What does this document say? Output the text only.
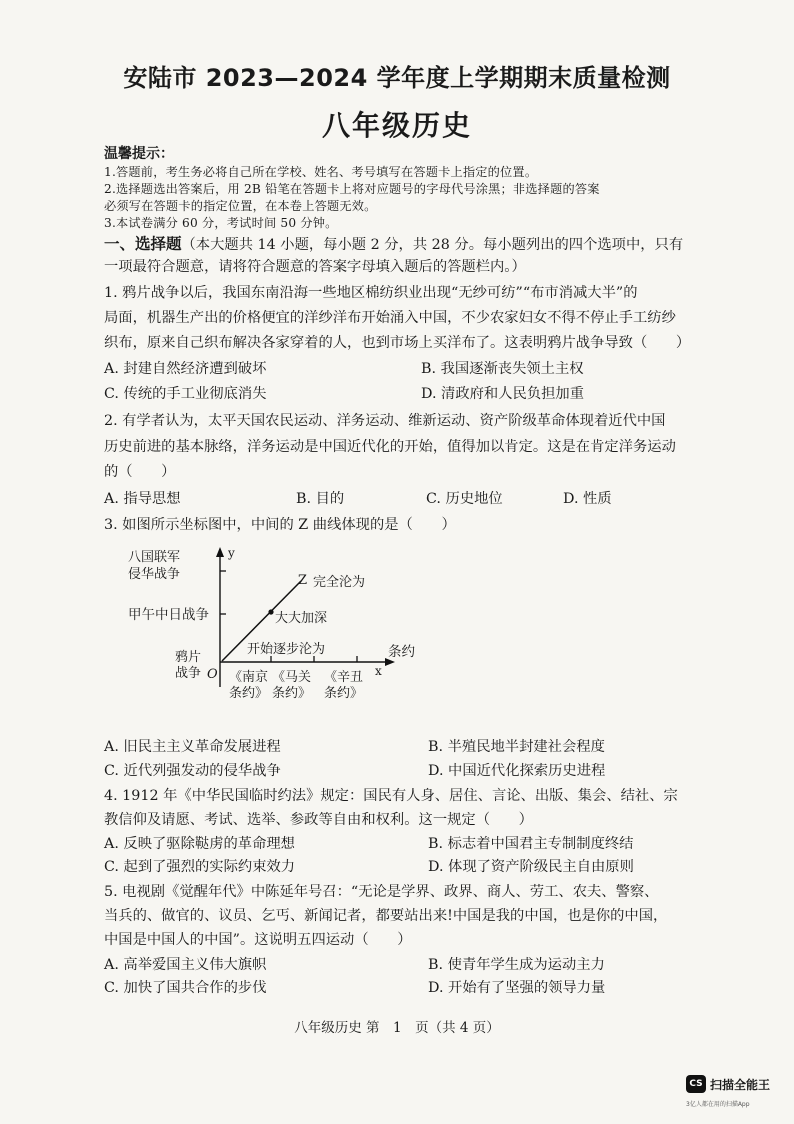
安陆市 2023—2024 学年度上学期期末质量检测
八年级历史
温馨提示：
1.答题前，考生务必将自己所在学校、姓名、考号填写在答题卡上指定的位置。
2.选择题选出答案后，用 2B 铅笔在答题卡上将对应题号的字母代号涂黑；非选择题的答案
必须写在答题卡的指定位置，在本卷上答题无效。
3.本试卷满分 60 分，考试时间 50 分钟。
一、选择题（本大题共 14 小题，每小题 2 分，共 28 分。每小题列出的四个选项中，只有
一项最符合题意，请将符合题意的答案字母填入题后的答题栏内。）
1. 鸦片战争以后，我国东南沿海一些地区棉纺织业出现“无纱可纺”“布市消减大半”的
局面，机器生产出的价格便宜的洋纱洋布开始涌入中国，不少农家妇女不得不停止手工纺纱
织布，原来自己织布解决各家穿着的人，也到市场上买洋布了。这表明鸦片战争导致（　　）
A. 封建自然经济遭到破坏	B. 我国逐渐丧失领土主权
C. 传统的手工业彻底消失	D. 清政府和人民负担加重
2. 有学者认为，太平天国农民运动、洋务运动、维新运动、资产阶级革命体现着近代中国
历史前进的基本脉络，洋务运动是中国近代化的开始，值得加以肯定。这是在肯定洋务运动
的（　　）
A. 指导思想	B. 目的	C. 历史地位	D. 性质
3. 如图所示坐标图中，中间的 Z 曲线体现的是（　　）
y
x
O
条约
八国联军
侵华战争
甲午中日战争
鸦片
战争 《南京
条约》
《马关
条约》
《辛丑
条约》
Z 完全沦为
大大加深
开始逐步沦为
A. 旧民主主义革命发展进程	B. 半殖民地半封建社会程度
C. 近代列强发动的侵华战争	D. 中国近代化探索历史进程
4. 1912 年《中华民国临时约法》规定：国民有人身、居住、言论、出版、集会、结社、宗
教信仰及请愿、考试、选举、参政等自由和权利。这一规定（　　）
A. 反映了驱除鞑虏的革命理想	B. 标志着中国君主专制制度终结
C. 起到了强烈的实际约束效力	D. 体现了资产阶级民主自由原则
5. 电视剧《觉醒年代》中陈延年号召：“无论是学界、政界、商人、劳工、农夫、警察、
当兵的、做官的、议员、乞丐、新闻记者，都要站出来!中国是我的中国，也是你的中国，
中国是中国人的中国”。这说明五四运动（　　）
A. 高举爱国主义伟大旗帜	B. 使青年学生成为运动主力
C. 加快了国共合作的步伐	D. 开始有了坚强的领导力量
八年级历史 第　1　页（共 4 页）
CS 扫描全能王
3亿人都在用的扫描App
